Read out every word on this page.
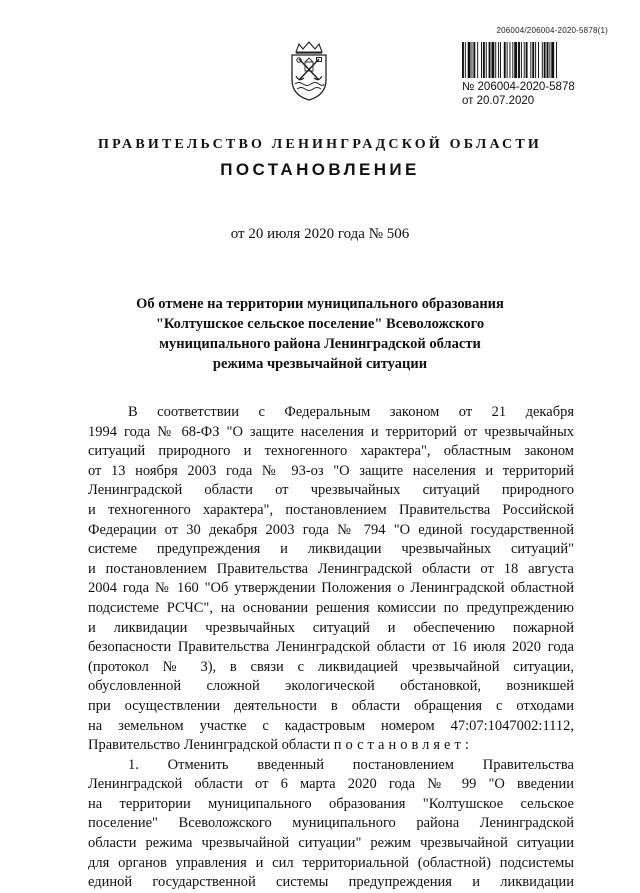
206004/206004-2020-5878(1)
№ 206004-2020-5878
от 20.07.2020
ПРАВИТЕЛЬСТВО ЛЕНИНГРАДСКОЙ ОБЛАСТИ
ПОСТАНОВЛЕНИЕ
от 20 июля 2020 года № 506
Об отмене на территории муниципального образования
"Колтушское сельское поселение" Всеволожского
муниципального района Ленинградской области
режима чрезвычайной ситуации
В соответствии с Федеральным законом от 21 декабря
1994 года № 68-ФЗ "О защите населения и территорий от чрезвычайных
ситуаций природного и техногенного характера", областным законом
от 13 ноября 2003 года № 93-оз "О защите населения и территорий
Ленинградской области от чрезвычайных ситуаций природного
и техногенного характера", постановлением Правительства Российской
Федерации от 30 декабря 2003 года № 794 "О единой государственной
системе предупреждения и ликвидации чрезвычайных ситуаций"
и постановлением Правительства Ленинградской области от 18 августа
2004 года № 160 "Об утверждении Положения о Ленинградской областной
подсистеме РСЧС", на основании решения комиссии по предупреждению
и ликвидации чрезвычайных ситуаций и обеспечению пожарной
безопасности Правительства Ленинградской области от 16 июля 2020 года
(протокол № 3), в связи с ликвидацией чрезвычайной ситуации,
обусловленной сложной экологической обстановкой, возникшей
при осуществлении деятельности в области обращения с отходами
на земельном участке с кадастровым номером 47:07:1047002:1112,
Правительство Ленинградской области постановляет:
1. Отменить введенный постановлением Правительства
Ленинградской области от 6 марта 2020 года № 99 "О введении
на территории муниципального образования "Колтушское сельское
поселение" Всеволожского муниципального района Ленинградской
области режима чрезвычайной ситуации" режим чрезвычайной ситуации
для органов управления и сил территориальной (областной) подсистемы
единой государственной системы предупреждения и ликвидации
